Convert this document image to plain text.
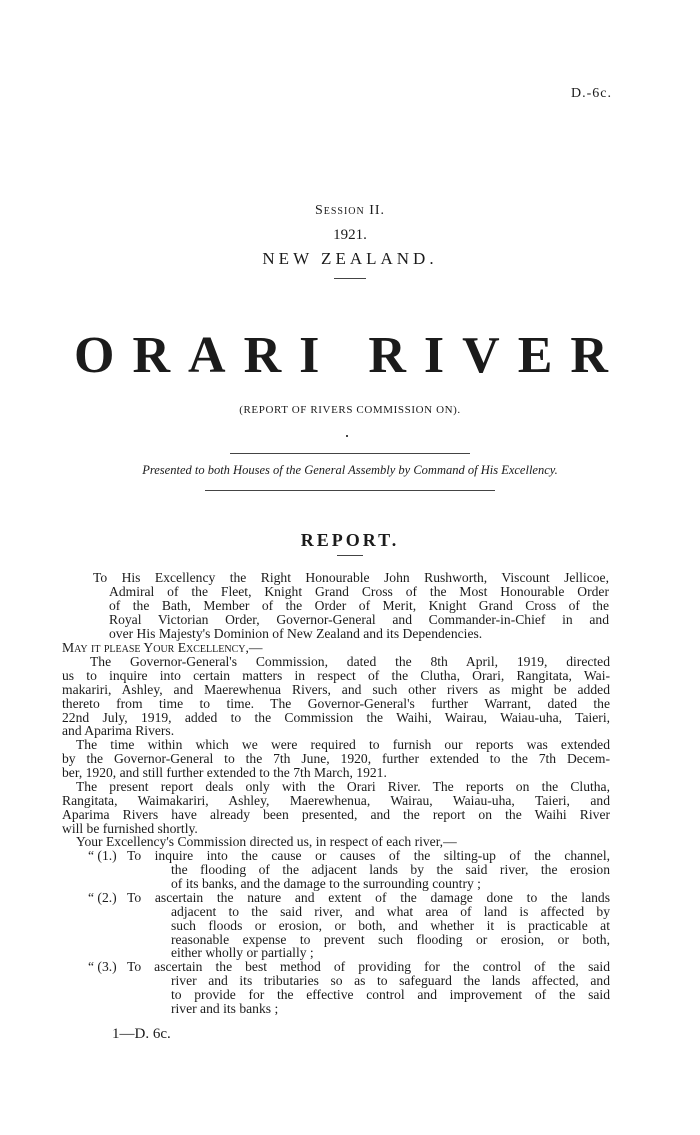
D.-6c.
Session II.
1921.
NEW ZEALAND.
ORARI RIVER
(REPORT OF RIVERS COMMISSION ON).
Presented to both Houses of the General Assembly by Command of His Excellency.
REPORT.
To His Excellency the Right Honourable John Rushworth, Viscount Jellicoe,
Admiral of the Fleet, Knight Grand Cross of the Most Honourable Order
of the Bath, Member of the Order of Merit, Knight Grand Cross of the
Royal Victorian Order, Governor-General and Commander-in-Chief in and
over His Majesty's Dominion of New Zealand and its Dependencies.
May it please Your Excellency,—
The Governor-General's Commission, dated the 8th April, 1919, directed
us to inquire into certain matters in respect of the Clutha, Orari, Rangitata, Wai-
makariri, Ashley, and Maerewhenua Rivers, and such other rivers as might be added
thereto from time to time. The Governor-General's further Warrant, dated the
22nd July, 1919, added to the Commission the Waihi, Wairau, Waiau-uha, Taieri,
and Aparima Rivers.
The time within which we were required to furnish our reports was extended
by the Governor-General to the 7th June, 1920, further extended to the 7th Decem-
ber, 1920, and still further extended to the 7th March, 1921.
The present report deals only with the Orari River. The reports on the Clutha,
Rangitata, Waimakariri, Ashley, Maerewhenua, Wairau, Waiau-uha, Taieri, and
Aparima Rivers have already been presented, and the report on the Waihi River
will be furnished shortly.
Your Excellency's Commission directed us, in respect of each river,—
“ (1.) To inquire into the cause or causes of the silting-up of the channel,
the flooding of the adjacent lands by the said river, the erosion
of its banks, and the damage to the surrounding country ;
“ (2.) To ascertain the nature and extent of the damage done to the lands
adjacent to the said river, and what area of land is affected by
such floods or erosion, or both, and whether it is practicable at
reasonable expense to prevent such flooding or erosion, or both,
either wholly or partially ;
“ (3.) To ascertain the best method of providing for the control of the said
river and its tributaries so as to safeguard the lands affected, and
to provide for the effective control and improvement of the said
river and its banks ;
1—D. 6c.
